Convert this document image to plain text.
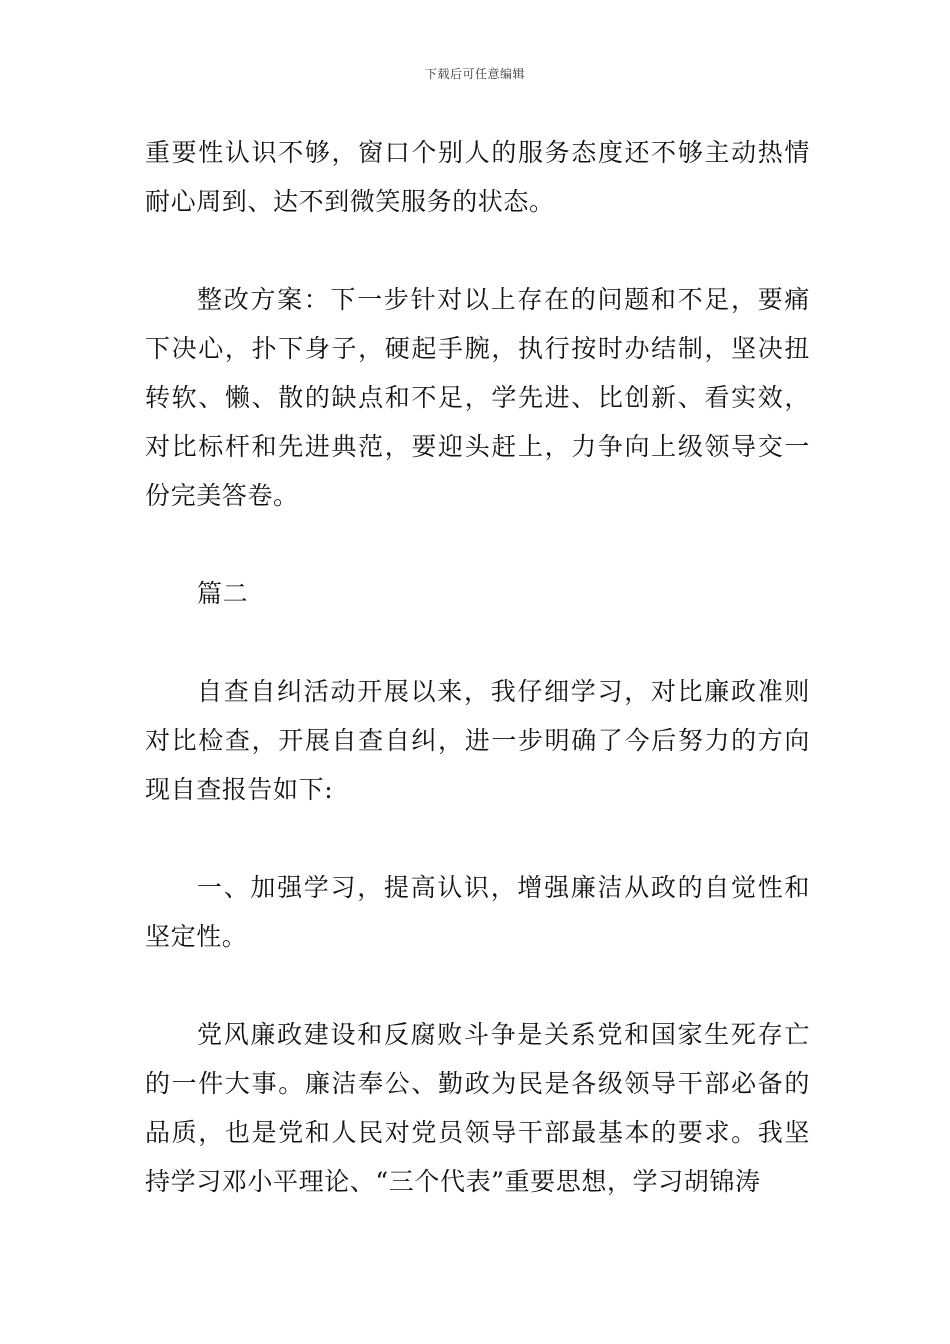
下载后可任意编辑

重要性认识不够，窗口个别人的服务态度还不够主动热情耐心周到、达不到微笑服务的状态。

整改方案：下一步针对以上存在的问题和不足，要痛下决心，扑下身子，硬起手腕，执行按时办结制，坚决扭转软、懒、散的缺点和不足，学先进、比创新、看实效，对比标杆和先进典范，要迎头赶上，力争向上级领导交一份完美答卷。

篇二

自查自纠活动开展以来，我仔细学习，对比廉政准则对比检查，开展自查自纠，进一步明确了今后努力的方向现自查报告如下:

一、加强学习，提高认识，增强廉洁从政的自觉性和坚定性。

党风廉政建设和反腐败斗争是关系党和国家生死存亡的一件大事。廉洁奉公、勤政为民是各级领导干部必备的品质，也是党和人民对党员领导干部最基本的要求。我坚持学习邓小平理论、“三个代表”重要思想，学习胡锦涛
